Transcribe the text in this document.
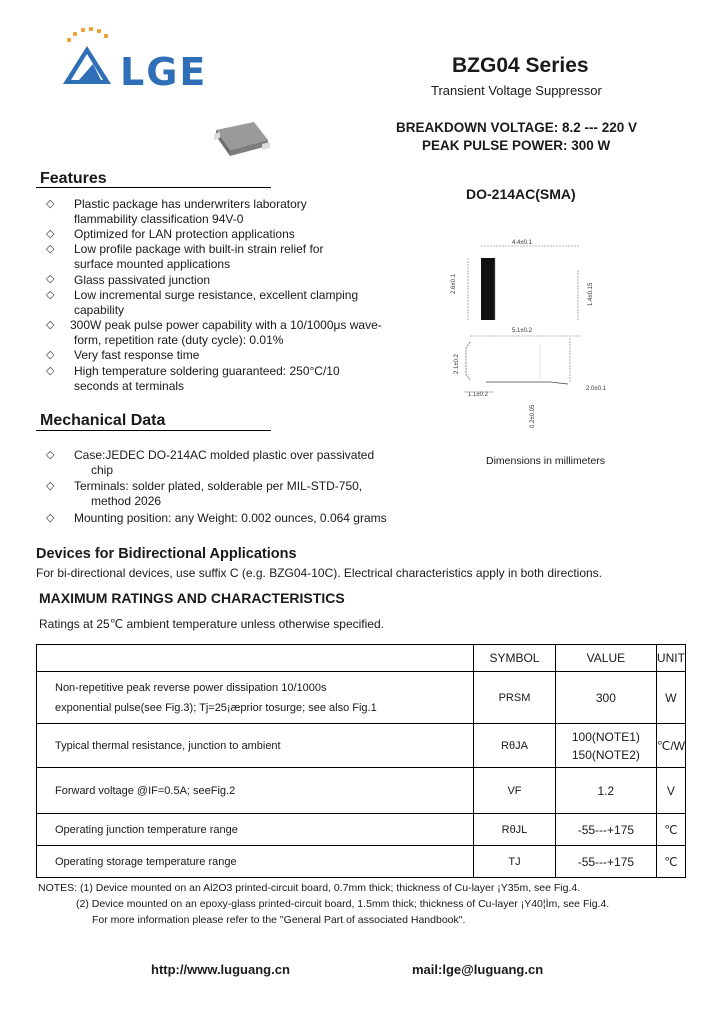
LGE	BZG04 Series
Transient Voltage Suppressor
BREAKDOWN VOLTAGE: 8.2 --- 220 V
PEAK PULSE POWER: 300 W
Features
◇ Plastic package has underwriters laboratory
flammability classification 94V-0
◇ Optimized for LAN protection applications
◇ Low profile package with built-in strain relief for
surface mounted applications
◇ Glass passivated junction
◇ Low incremental surge resistance, excellent clamping
capability
◇ 300W peak pulse power capability with a 10/1000μs wave-
form, repetition rate (duty cycle): 0.01%
◇ Very fast response time
◇ High temperature soldering guaranteed: 250°C/10
seconds at terminals
Mechanical Data
◇ Case:JEDEC DO-214AC molded plastic over passivated
chip
◇ Terminals: solder plated, solderable per MIL-STD-750,
method 2026
◇ Mounting position: any Weight: 0.002 ounces, 0.064 grams
DO-214AC(SMA)
4.4±0.1
2.6±0.1	1.4±0.15
5.1±0.2
2.1±0.2
1.1±0.2
0.2±0.05
2.0±0.1
Dimensions in millimeters
Devices for Bidirectional Applications
For bi-directional devices, use suffix C (e.g. BZG04-10C). Electrical characteristics apply in both directions.
MAXIMUM RATINGS AND CHARACTERISTICS
Ratings at 25℃ ambient temperature unless otherwise specified.
	SYMBOL	VALUE	UNIT

Non-repetitive peak reverse power dissipation 10/1000s
exponential pulse(see Fig.3); Tj=25¡æprior tosurge; see also Fig.1	PRSM	300	W
Typical thermal resistance, junction to ambient	RθJA	100(NOTE1)
150(NOTE2)	℃/W
Forward voltage @IF=0.5A; seeFig.2	VF	1.2	V
Operating junction temperature range	RθJL	-55---+175	℃
Operating storage temperature range	TJ	-55---+175	℃
NOTES: (1) Device mounted on an Al2O3 printed-circuit board, 0.7mm thick; thickness of Cu-layer ¡Y35m, see Fig.4.
(2) Device mounted on an epoxy-glass printed-circuit board, 1.5mm thick; thickness of Cu-layer ¡Y40¦Ìm, see Fig.4.
For more information please refer to the "General Part of associated Handbook".
http://www.luguang.cn	mail:lge@luguang.cn
